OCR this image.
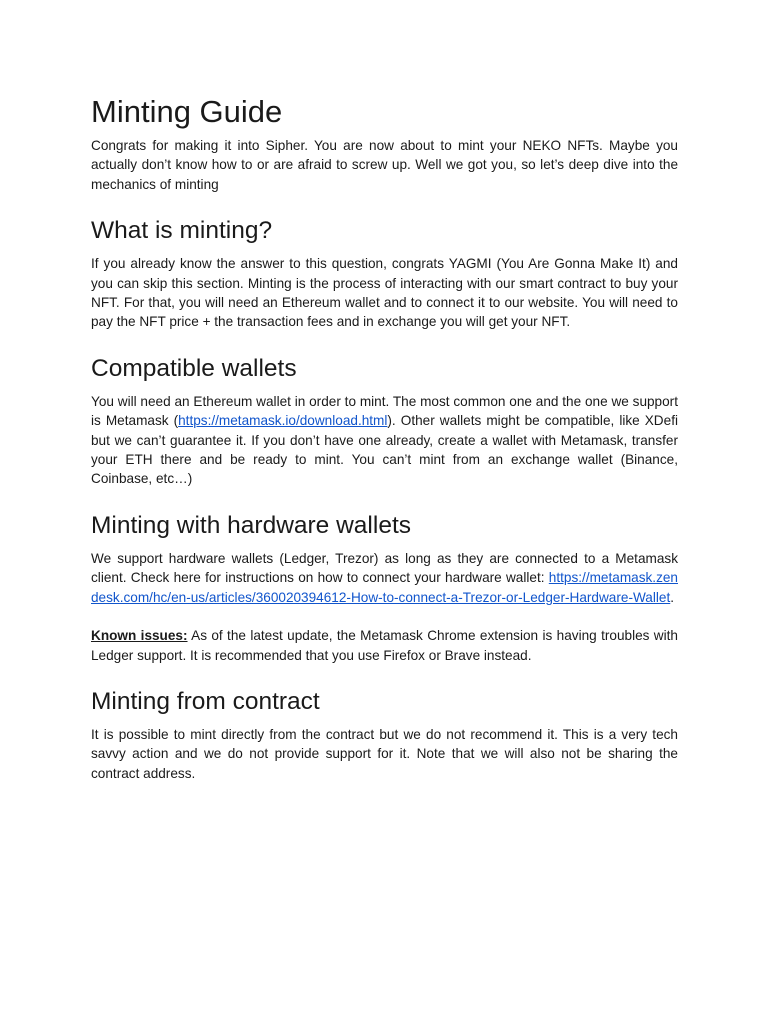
Minting Guide

Congrats for making it into Sipher. You are now about to mint your NEKO NFTs. Maybe you actually don’t know how to or are afraid to screw up. Well we got you, so let’s deep dive into the mechanics of minting

What is minting?

If you already know the answer to this question, congrats YAGMI (You Are Gonna Make It) and you can skip this section. Minting is the process of interacting with our smart contract to buy your NFT. For that, you will need an Ethereum wallet and to connect it to our website. You will need to pay the NFT price + the transaction fees and in exchange you will get your NFT.

Compatible wallets

You will need an Ethereum wallet in order to mint. The most common one and the one we support is Metamask (https://metamask.io/download.html). Other wallets might be compatible, like XDefi but we can’t guarantee it. If you don’t have one already, create a wallet with Metamask, transfer your ETH there and be ready to mint. You can’t mint from an exchange wallet (Binance, Coinbase, etc…)

Minting with hardware wallets

We support hardware wallets (Ledger, Trezor) as long as they are connected to a Metamask client. Check here for instructions on how to connect your hardware wallet: https://metamask.zendesk.com/hc/en-us/articles/360020394612-How-to-connect-a-Trezor-or-Ledger-Hardware-Wallet.

Known issues: As of the latest update, the Metamask Chrome extension is having troubles with Ledger support. It is recommended that you use Firefox or Brave instead.

Minting from contract

It is possible to mint directly from the contract but we do not recommend it. This is a very tech savvy action and we do not provide support for it. Note that we will also not be sharing the contract address.
